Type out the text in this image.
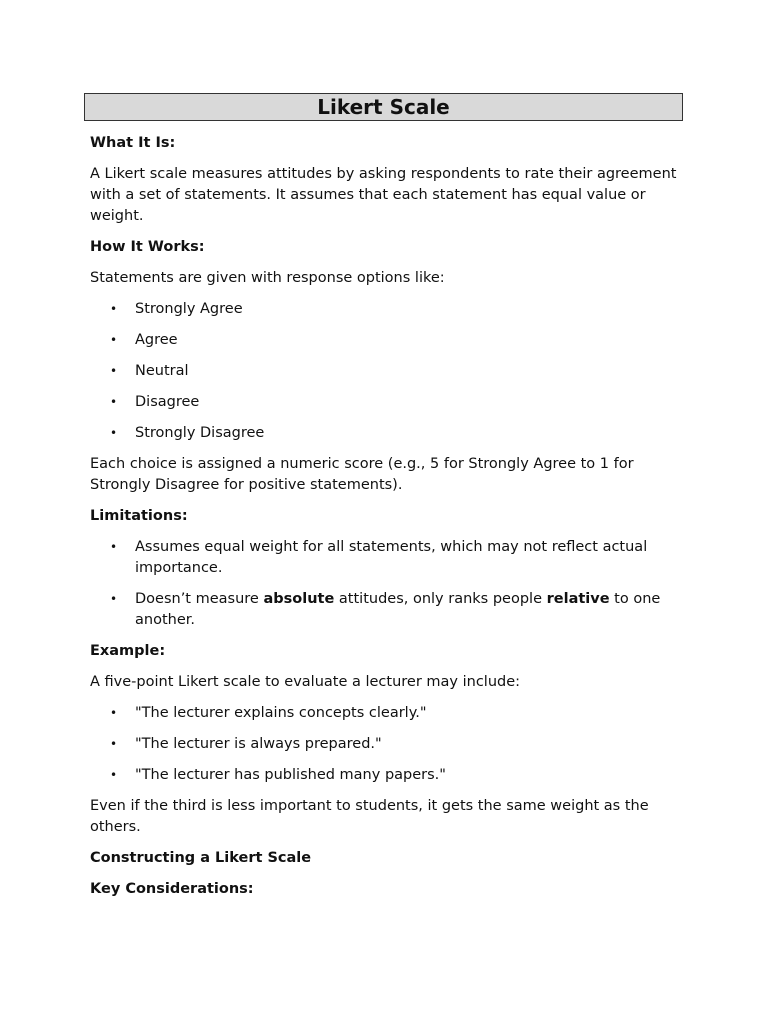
Likert Scale

What It Is:

A Likert scale measures attitudes by asking respondents to rate their agreement with a set of statements. It assumes that each statement has equal value or weight.

How It Works:

Statements are given with response options like:

• Strongly Agree
• Agree
• Neutral
• Disagree
• Strongly Disagree

Each choice is assigned a numeric score (e.g., 5 for Strongly Agree to 1 for Strongly Disagree for positive statements).

Limitations:

• Assumes equal weight for all statements, which may not reflect actual importance.
• Doesn’t measure absolute attitudes, only ranks people relative to one another.

Example:

A five-point Likert scale to evaluate a lecturer may include:

• "The lecturer explains concepts clearly."
• "The lecturer is always prepared."
• "The lecturer has published many papers."

Even if the third is less important to students, it gets the same weight as the others.

Constructing a Likert Scale

Key Considerations:
